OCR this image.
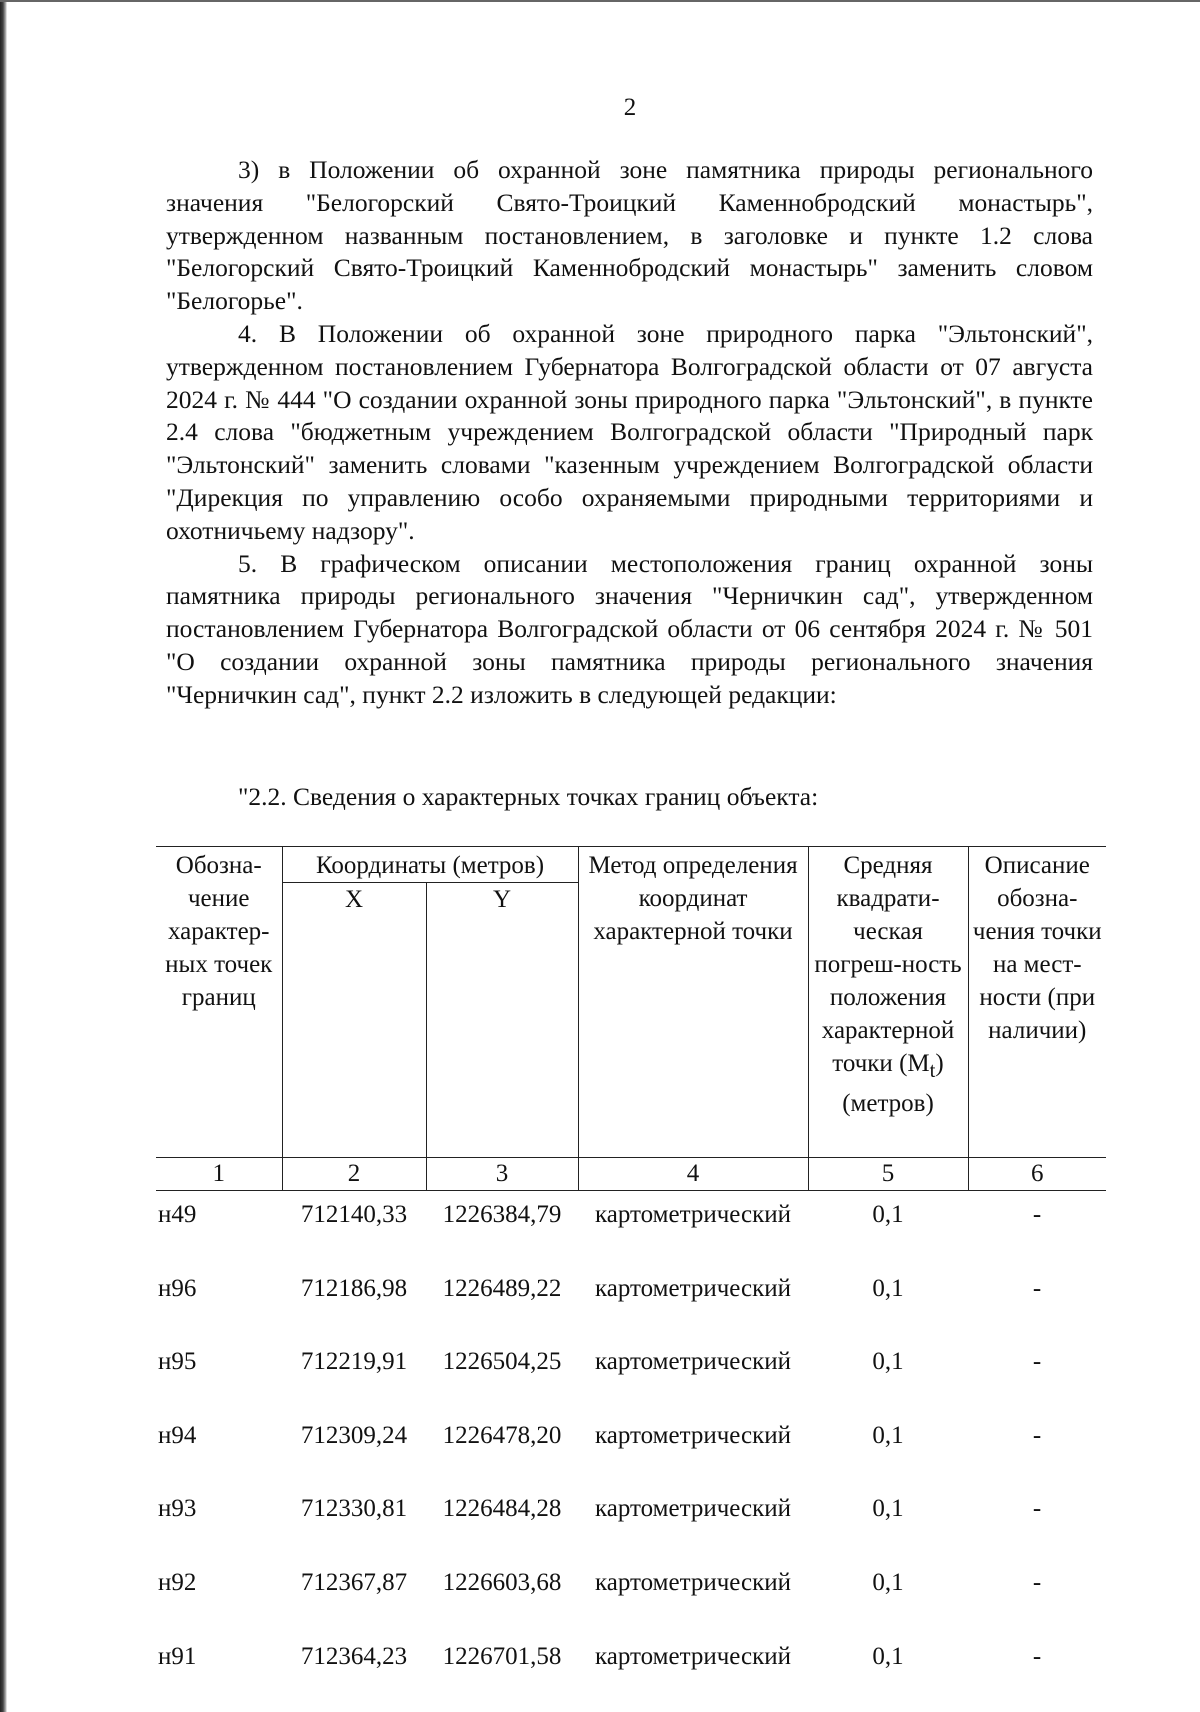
2

3) в Положении об охранной зоне памятника природы регионального значения "Белогорский Свято-Троицкий Каменнобродский монастырь", утвержденном названным постановлением, в заголовке и пункте 1.2 слова "Белогорский Свято-Троицкий Каменнобродский монастырь" заменить словом "Белогорье".

4. В Положении об охранной зоне природного парка "Эльтонский", утвержденном постановлением Губернатора Волгоградской области от 07 августа 2024 г. № 444 "О создании охранной зоны природного парка "Эльтонский", в пункте 2.4 слова "бюджетным учреждением Волгоградской области "Природный парк "Эльтонский" заменить словами "казенным учреждением Волгоградской области "Дирекция по управлению особо охраняемыми природными территориями и охотничьему надзору".

5. В графическом описании местоположения границ охранной зоны памятника природы регионального значения "Черничкин сад", утвержденном постановлением Губернатора Волгоградской области от 06 сентября 2024 г. № 501 "О создании охранной зоны памятника природы регионального значения "Черничкин сад", пункт 2.2 изложить в следующей редакции:

"2.2. Сведения о характерных точках границ объекта:
Обозна-чение характер-ных точек границ	Координаты (метров)		Метод определения координат характерной точки	Средняя квадрати-ческая погреш-ность положения характерной точки $(M_t)$ (метров)	Описание обозна-чения точки на мест-ности (при наличии)
	X	Y			
1	2	3	4	5	6
н49	712140,33	1226384,79	картометрический	0,1	-
н96	712186,98	1226489,22	картометрический	0,1	-
н95	712219,91	1226504,25	картометрический	0,1	-
н94	712309,24	1226478,20	картометрический	0,1	-
н93	712330,81	1226484,28	картометрический	0,1	-
н92	712367,87	1226603,68	картометрический	0,1	-
н91	712364,23	1226701,58	картометрический	0,1	-
